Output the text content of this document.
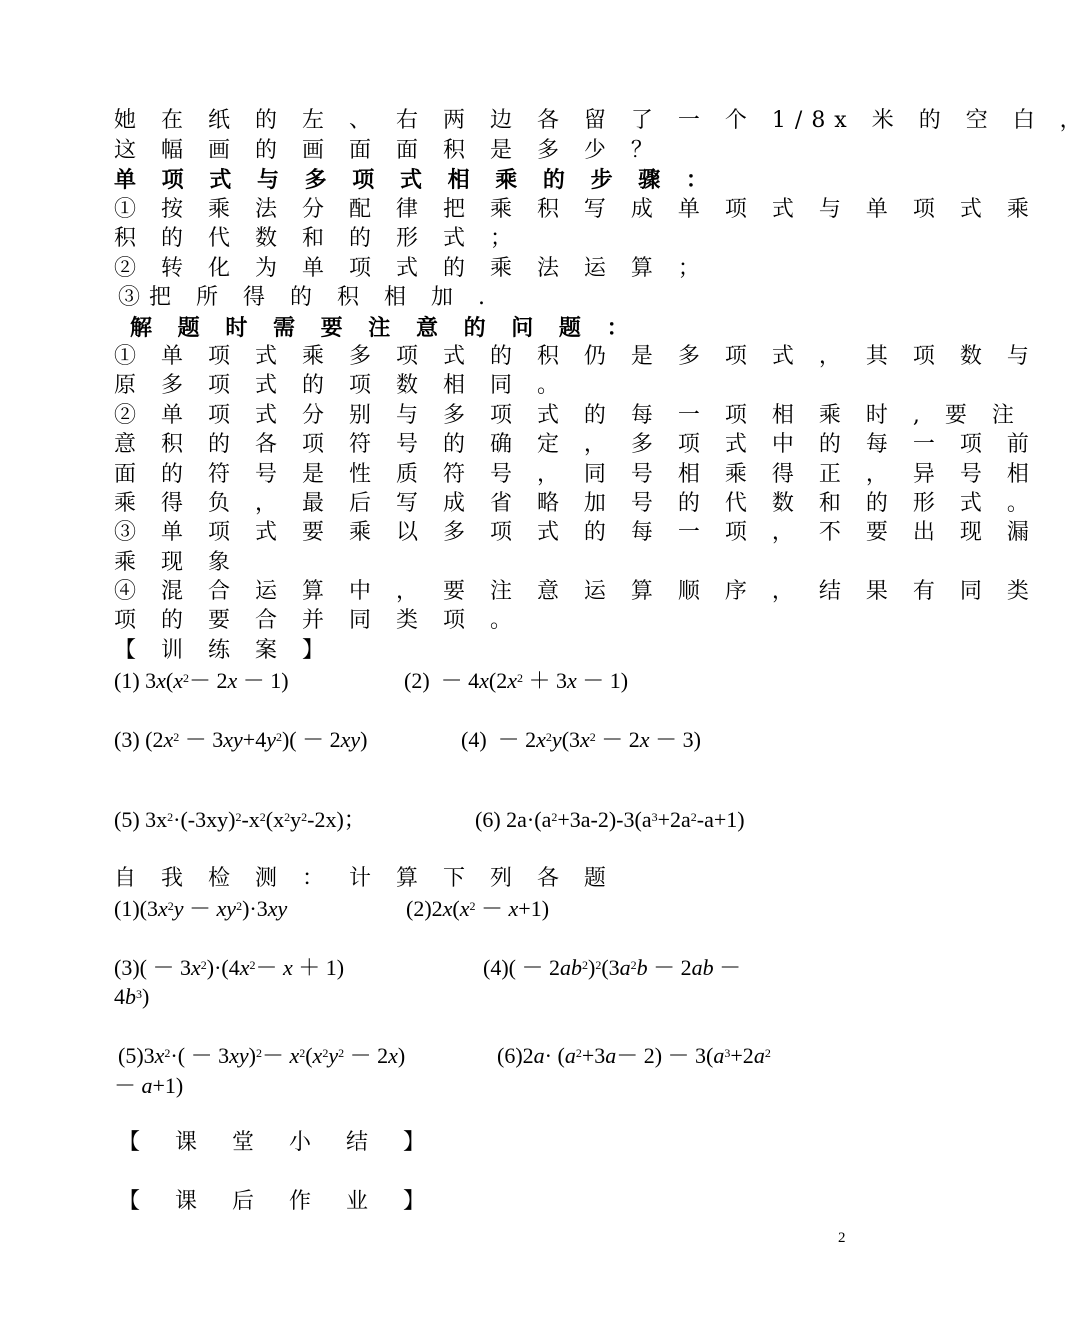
她 在 纸 的 左 、 右 两 边 各 留 了 一 个 1/8x 米 的 空 白 ，
这 幅 画 的 画 面 面 积 是 多 少 ？
单 项 式 与 多 项 式 相 乘 的 步 骤 ：
① 按 乘 法 分 配 律 把 乘 积 写 成 单 项 式 与 单 项 式 乘
积 的 代 数 和 的 形 式 ；
② 转 化 为 单 项 式 的 乘 法 运 算 ；
③把 所 得 的 积 相 加 .
解 题 时 需 要 注 意 的 问 题 ：
① 单 项 式 乘 多 项 式 的 积 仍 是 多 项 式 ， 其 项 数 与
原 多 项 式 的 项 数 相 同 。
② 单 项 式 分 别 与 多 项 式 的 每 一 项 相 乘 时 , 要 注
意 积 的 各 项 符 号 的 确 定 ， 多 项 式 中 的 每 一 项 前
面 的 符 号 是 性 质 符 号 ， 同 号 相 乘 得 正 ， 异 号 相
乘 得 负 ， 最 后 写 成 省 略 加 号 的 代 数 和 的 形 式 。
③ 单 项 式 要 乘 以 多 项 式 的 每 一 项 ， 不 要 出 现 漏
乘 现 象
④ 混 合 运 算 中 ， 要 注 意 运 算 顺 序 ， 结 果 有 同 类
项 的 要 合 并 同 类 项 。
【 训 练 案 】
(1) $3x(x^2- 2x - 1)$	$(2) - 4x(2x^2 + 3x - 1)$
(3) $(2x^2 - 3xy+4y^2)( - 2xy)$	$(4) - 2x^2y(3x^2 - 2x - 3)$
(5) $3x^2\cdot(-3xy)^2-x^2(x^2y^2-2x)$；	(6) $2a\cdot(a^2+3a-2)-3(a^3+2a^2-a+1)$
自 我 检 测 ： 计 算 下 列 各 题
$(1)(3x^2y - xy^2)\cdot 3xy$	$(2)2x(x^2 - x+1)$
$(3)( - 3x^2)\cdot(4x^2- x + 1)$	$(4)( - 2ab^2)^2(3a^2b - 2ab$ －
$4b^3$)
$(5)3x^2\cdot( - 3xy)^2- x^2(x^2y^2 - 2x)$	$(6)2a\cdot (a^2+3a- 2) - 3(a^3+2a^2$
－ a+1)
【 课 堂 小 结 】
【 课 后 作 业 】
2
